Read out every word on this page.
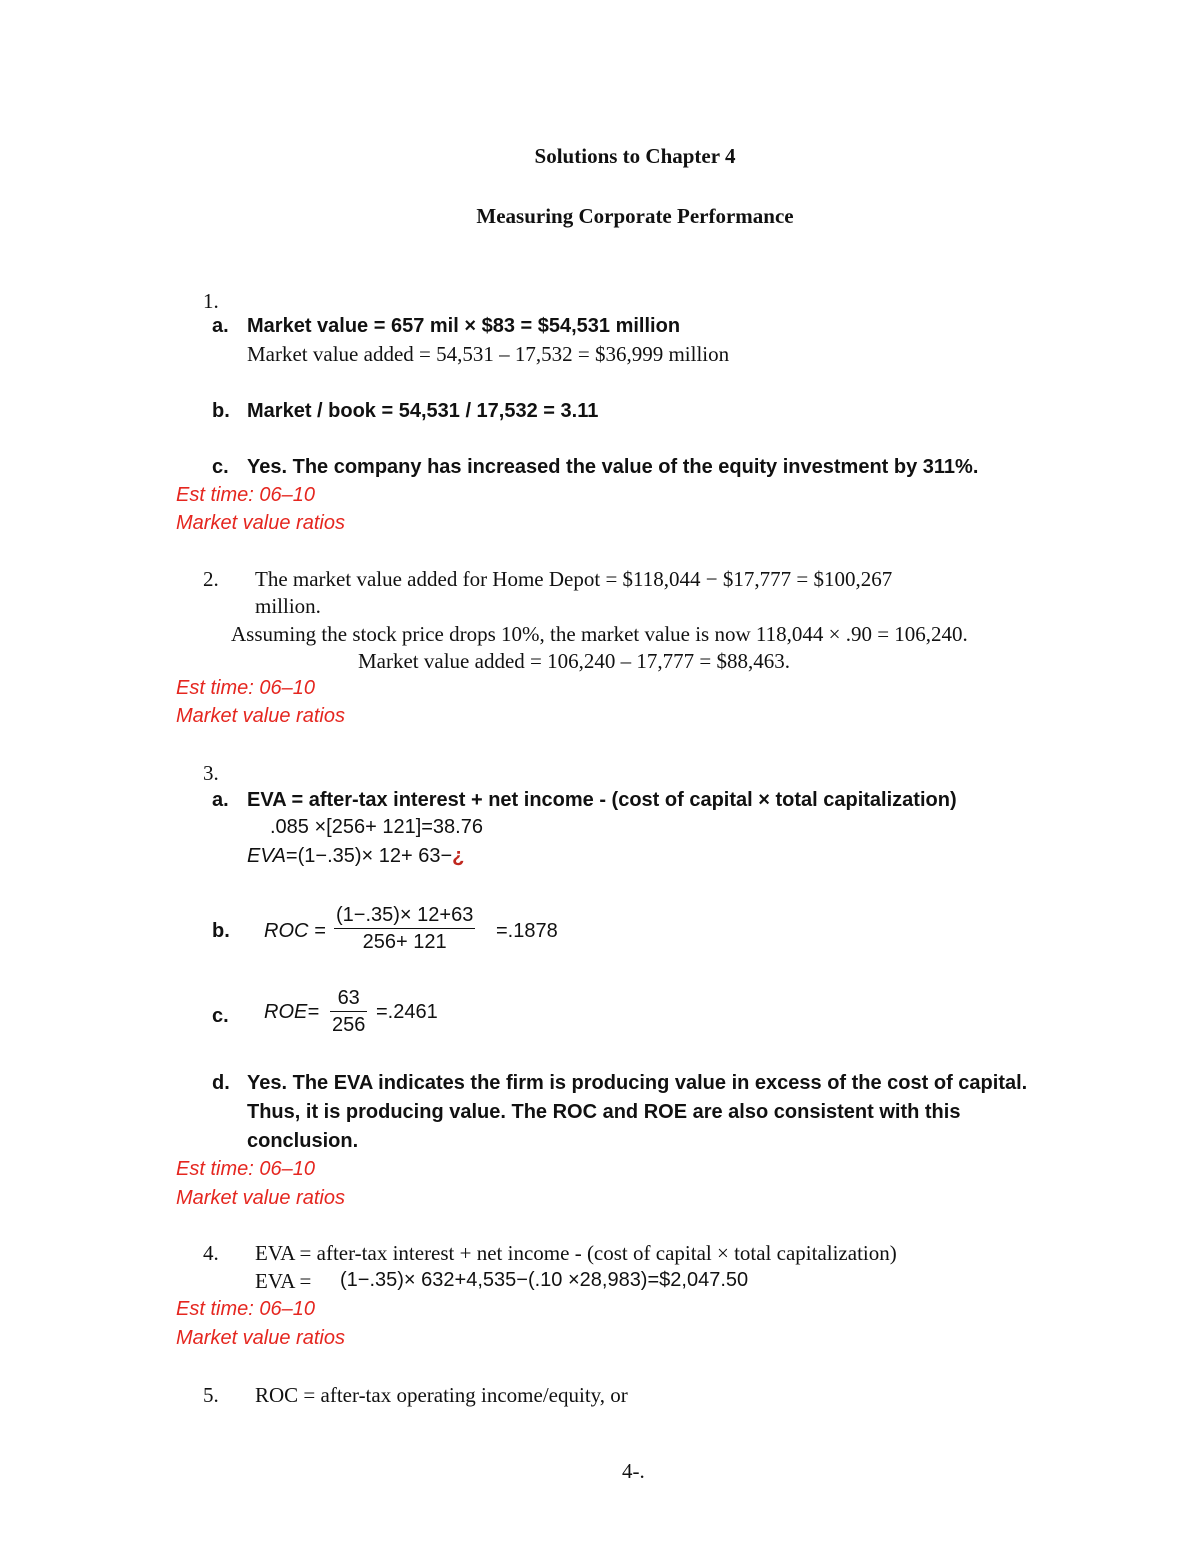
Solutions to Chapter 4
Measuring Corporate Performance
1.
a. Market value = 657 mil × $83 = $54,531 million
Market value added = 54,531 – 17,532 = $36,999 million
b. Market / book = 54,531 / 17,532 = 3.11
c. Yes. The company has increased the value of the equity investment by 311%.
Est time: 06–10
Market value ratios
2. The market value added for Home Depot = $118,044 − $17,777 = $100,267
million.
Assuming the stock price drops 10%, the market value is now 118,044 × .90 = 106,240.
Market value added = 106,240 – 17,777 = $88,463.
Est time: 06–10
Market value ratios
3.
a. EVA = after-tax interest + net income - (cost of capital × total capitalization)
.085 ×[256+ 121]=38.76
EVA=(1−.35)× 12+ 63−¿
b. ROC =
(1−.35)× 12+63
256+ 121 =.1878
c. ROE=
63
256
=.2461
d. Yes. The EVA indicates the firm is producing value in excess of the cost of capital.
Thus, it is producing value. The ROC and ROE are also consistent with this
conclusion.
Est time: 06–10
Market value ratios
4. EVA = after-tax interest + net income - (cost of capital × total capitalization)
EVA = (1−.35)× 632+4,535−(.10 ×28,983)=$2,047.50
Est time: 06–10
Market value ratios
5. ROC = after-tax operating income/equity, or
4-.
